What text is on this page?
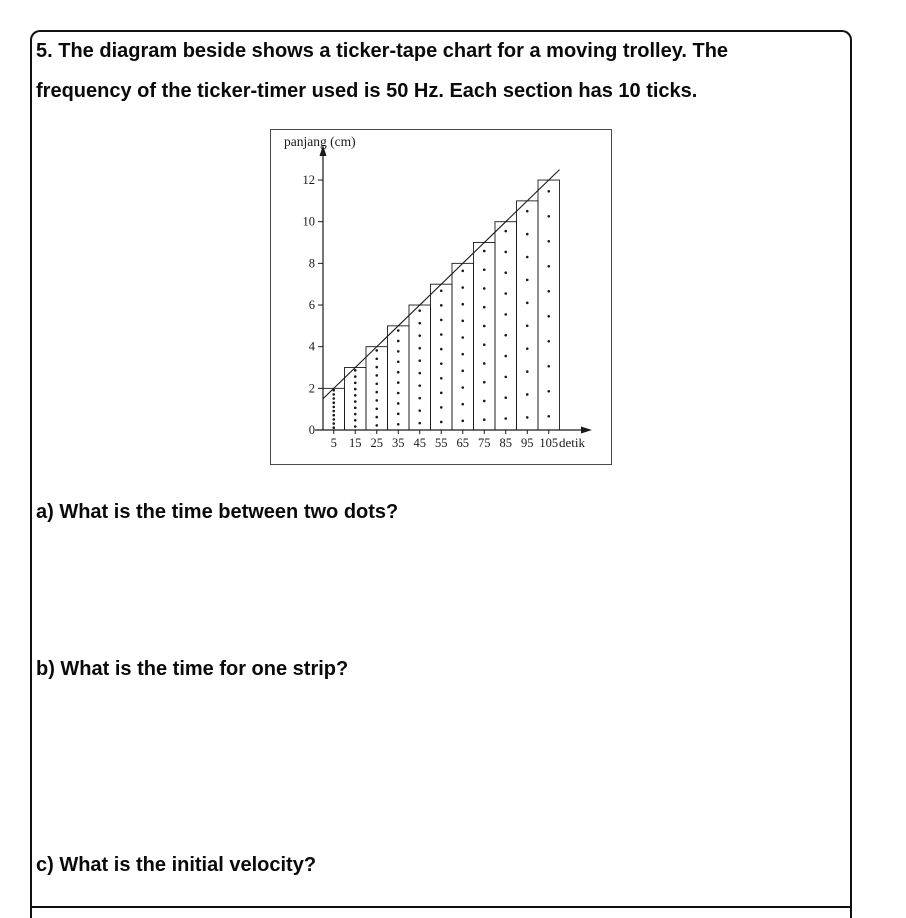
5. The diagram beside shows a ticker-tape chart for a moving trolley. The
frequency of the ticker-timer used is 50 Hz. Each section has 10 ticks.
0
2
4
6
8
10
12
5 15 25 35 45 55 65 75 85 95 105
panjang (cm)
detik
a) What is the time between two dots?
b) What is the time for one strip?
c) What is the initial velocity?
